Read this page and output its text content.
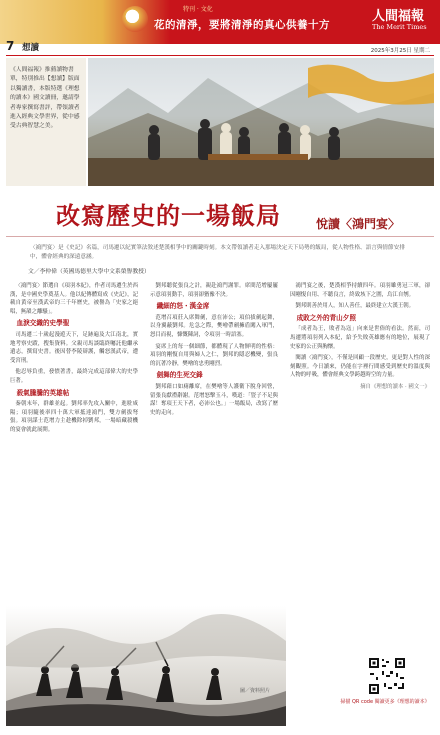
特刊 · 文化
花的清淨，要將清淨的真心供養十方
人間福報
The Merit Times
7 想讀	2025年3月25日 星期二
《人間福報》推薦讀物書單，特別推出【想讀】版面以獨讀書，本版特選《理想的讀本》國文讀冊，邀請學者專家撰寫書評，帶領讀者進入經典文學世界，從中感受古典智慧之美。
改寫歷史的一場飯局	悅讀〈鴻門宴〉
〈鴻門宴〉是《史記》名篇，司馬遷以紀實筆法敘述楚漢相爭中的關鍵時刻。本文帶領讀者走入那場決定天下局勢的飯局，從人物性格、語言與情節安排中，體會經典的深遠意涵。
文／李仲偉（英國馬德里大學中文系榮譽教授）

〈鴻門宴〉節選自《項羽本紀》，作者司馬遷生於西漢，是中國史學奠基人。他以紀傳體寫成《史記》，記載自黃帝至漢武帝約三千年歷史，被譽為「史家之絕唱，無韻之離騷」。

血淚交織的史學聖

司馬遷二十歲起漫遊天下，足跡遍及大江南北，實地考察史蹟，搜集資料。父親司馬談臨終囑託他繼承遺志，撰寫史書。後因替李陵辯護，觸怒漢武帝，遭受宮刑。

他忍辱負重，發憤著書，最終完成這部偉大的史學巨著。

殺氣騰騰的英雄帖

秦朝末年，群雄並起。劉邦率先攻入關中，進駐咸陽；項羽隨後率四十萬大軍抵達鴻門，雙方劍拔弩張。項羽謀士范增力主趁機除掉劉邦，一場暗藏殺機的宴會就此展開。

劉邦聽從張良之計，親赴鴻門謝罪。席間范增屢屢示意項羽動手，項羽卻猶豫不決。

纖細的怒・漢金席

范增召項莊入席舞劍，意在沛公；項伯拔劍起舞，以身翼蔽劉邦。危急之際，樊噲帶劍擁盾闖入軍門，怒目而視，慷慨陳詞，令項羽一時語塞。

宴席上的每一個細節，都體現了人物鮮明的性格：項羽的剛愎自用與婦人之仁，劉邦的隱忍機變，張良的沉著冷靜，樊噲的忠勇剛烈。

劍舞的生死交鋒

劉邦藉口如廁離席，在樊噲等人護衛下脫身回營，留張良獻禮辭謝。范增怒擊玉斗，嘆道：「豎子不足與謀！奪項王天下者，必沛公也。」一場飯局，改寫了歷史的走向。

鴻門宴之後，楚漢相爭持續四年。項羽雖勇冠三軍，卻因剛愎自用、不聽良言，終致垓下之圍，烏江自刎。

劉邦則善於用人，知人善任，最終建立大漢王朝。

成敗之外的青山夕照

「成者為王，敗者為寇」向來是世俗的看法。然而，司馬遷將項羽列入本紀，給予失敗英雄應有的地位，展現了史家的公正與胸懷。

閱讀〈鴻門宴〉，不僅是回顧一段歷史，更是對人性的深刻觀照。今日讀來，仍能在字裡行間感受到歷史的溫度與人物的呼吸，體會經典文學跨越時空的力量。

摘自《理想的讀本 · 國文一》

圖／資料照片
掃描 QR code 閱讀更多《理想的讀本》
